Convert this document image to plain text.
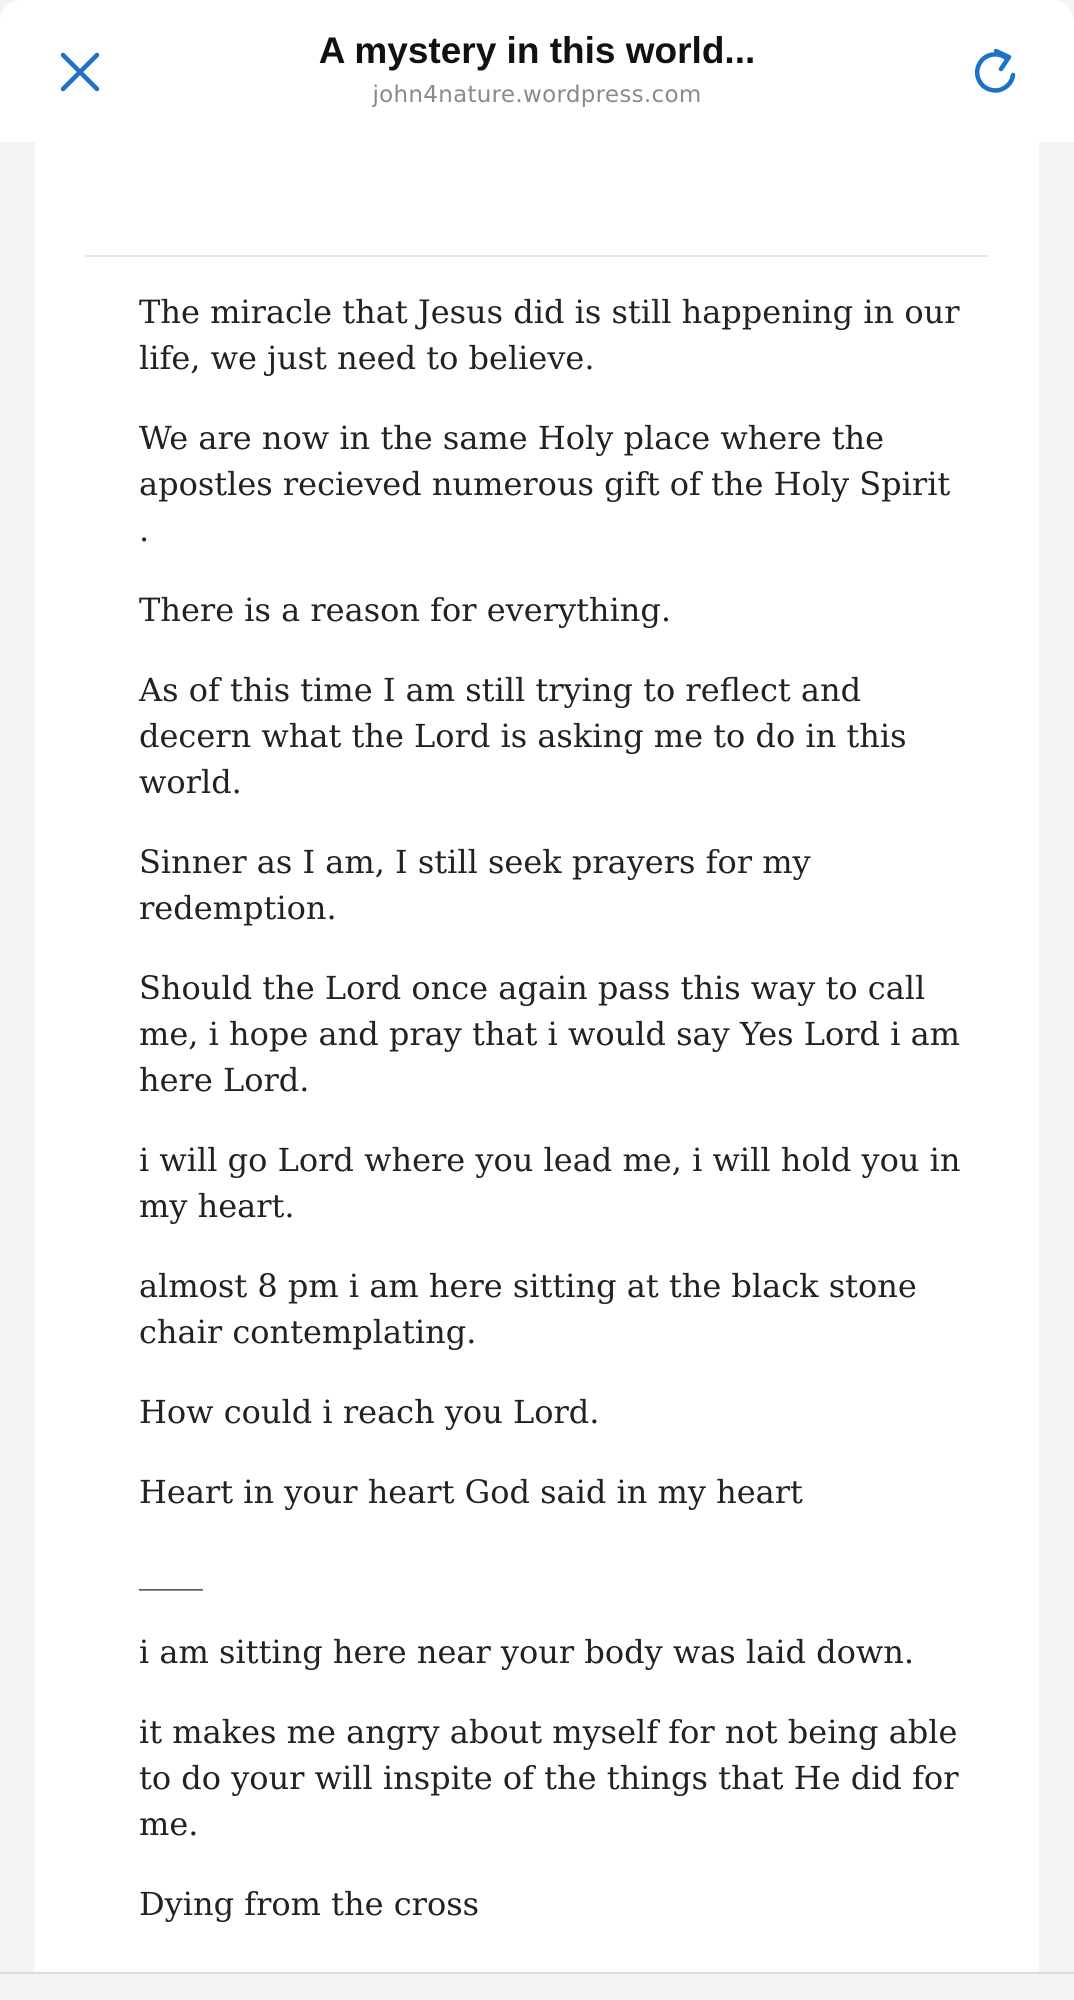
A mystery in this world...
john4nature.wordpress.com

The miracle that Jesus did is still happening in our life, we just need to believe.

We are now in the same Holy place where the apostles recieved numerous gift of the Holy Spirit .

There is a reason for everything.

As of this time I am still trying to reflect and decern what the Lord is asking me to do in this world.

Sinner as I am, I still seek prayers for my redemption.

Should the Lord once again pass this way to call me, i hope and pray that i would say Yes Lord i am here Lord.

i will go Lord where you lead me, i will hold you in my heart.

almost 8 pm i am here sitting at the black stone chair contemplating.

How could i reach you Lord.

Heart in your heart God said in my heart

____

i am sitting here near your body was laid down.

it makes me angry about myself for not being able to do your will inspite of the things that He did for me.

Dying from the cross
